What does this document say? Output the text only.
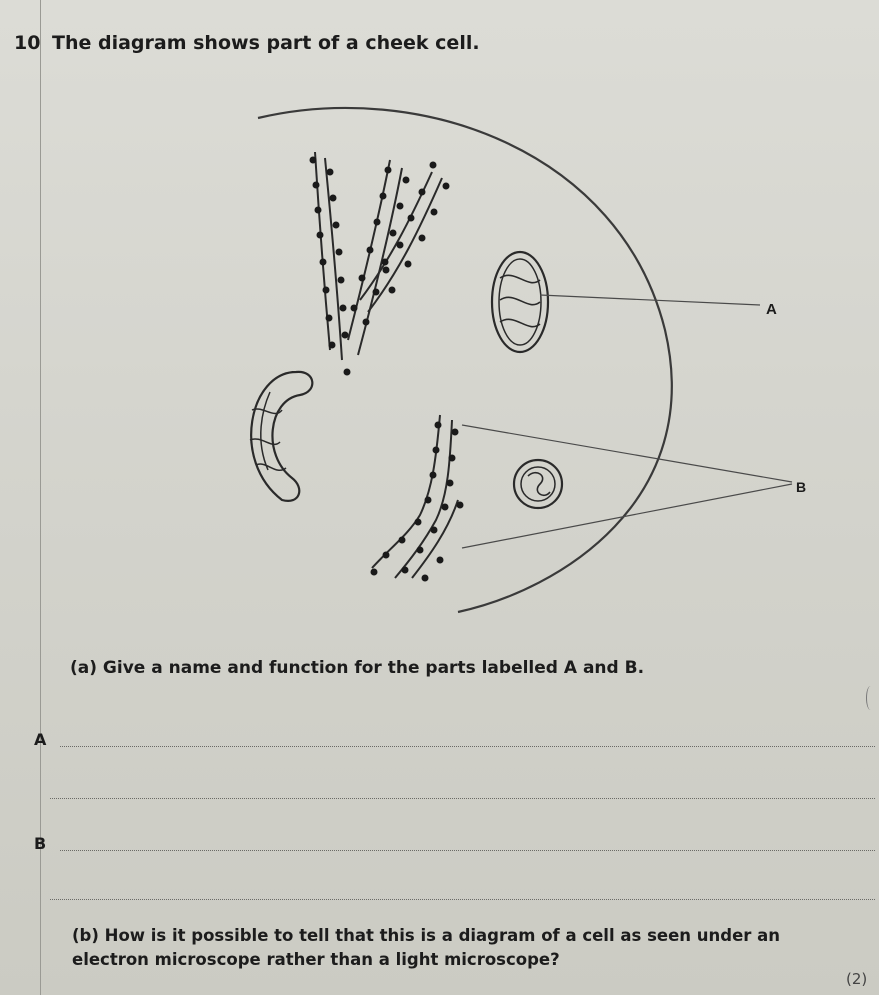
10 The diagram shows part of a cheek cell.
A
B
(a) Give a name and function for the parts labelled A and B.
A
B
(b) How is it possible to tell that this is a diagram of a cell as seen under an electron microscope rather than a light microscope?
(2)
